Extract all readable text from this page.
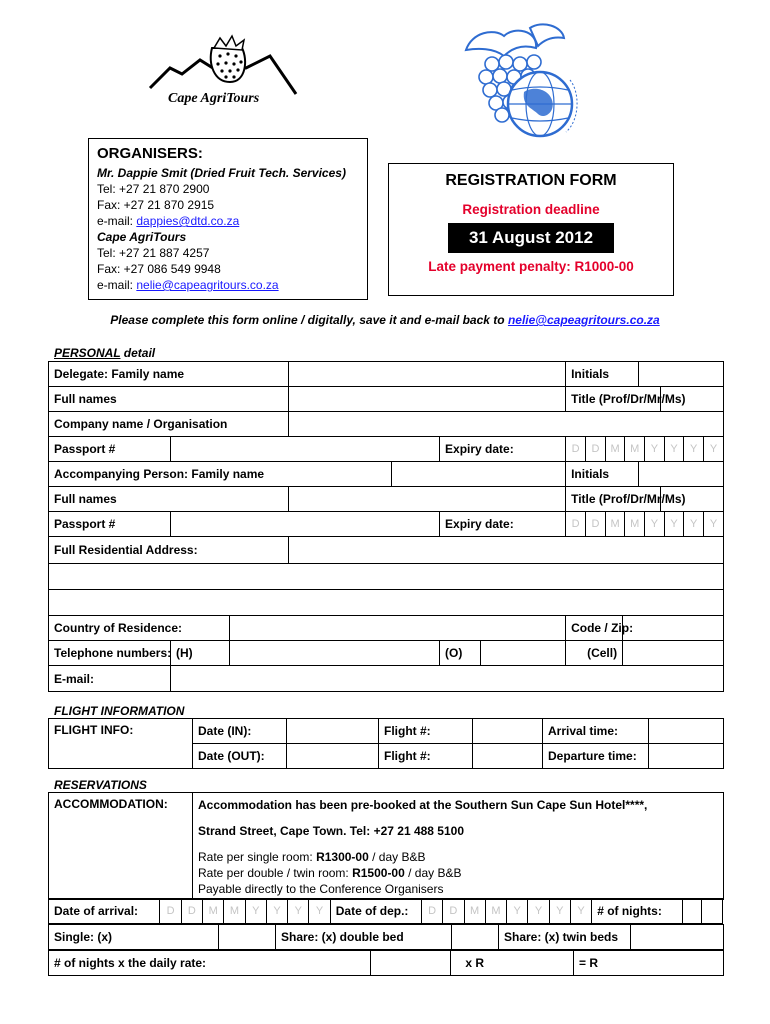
Cape AgriTours
ORGANISERS:
Mr. Dappie Smit (Dried Fruit Tech. Services)
Tel: +27 21 870 2900
Fax: +27 21 870 2915
e-mail: dappies@dtd.co.za
Cape AgriTours
Tel: +27 21 887 4257
Fax: +27 086 549 9948
e-mail: nelie@capeagritours.co.za
REGISTRATION FORM
Registration deadline
31 August 2012
Late payment penalty: R1000-00
Please complete this form online / digitally, save it and e-mail back to nelie@capeagritours.co.za
PERSONAL detail
Delegate: Family name		Initials	
Full names		Title (Prof/Dr/Mr/Ms)	
Company name / Organisation	
Passport #		Expiry date:		D	D	M	M	Y	Y	Y	Y

Accompanying Person: Family name		Initials	
Full names		Title (Prof/Dr/Mr/Ms)	
Passport #		Expiry date:		D	D	M	M	Y	Y	Y	Y

Full Residential Address:	

Country of Residence:		Code / Zip:	
Telephone numbers:	(H)		(O)		(Cell)	
E-mail:	
FLIGHT INFORMATION
FLIGHT INFO:	Date (IN):		Flight #:		Arrival time:	
	Date (OUT):		Flight #:		Departure time:	
RESERVATIONS
ACCOMMODATION:	Accommodation has been pre-booked at the Southern Sun Cape Sun Hotel****,
Strand Street, Cape Town. Tel: +27 21 488 5100
Rate per single room: R1300-00 / day B&B
Rate per double / twin room: R1500-00 / day B&B
Payable directly to the Conference Organisers
Date of arrival:	D	D	M	M	Y	Y	Y	Y	Date of dep.:	D	D	M	M	Y	Y	Y	Y	# of nights:		
Single: (x)		Share: (x) double bed		Share: (x) twin beds	
# of nights x the daily rate:		x R		= R
